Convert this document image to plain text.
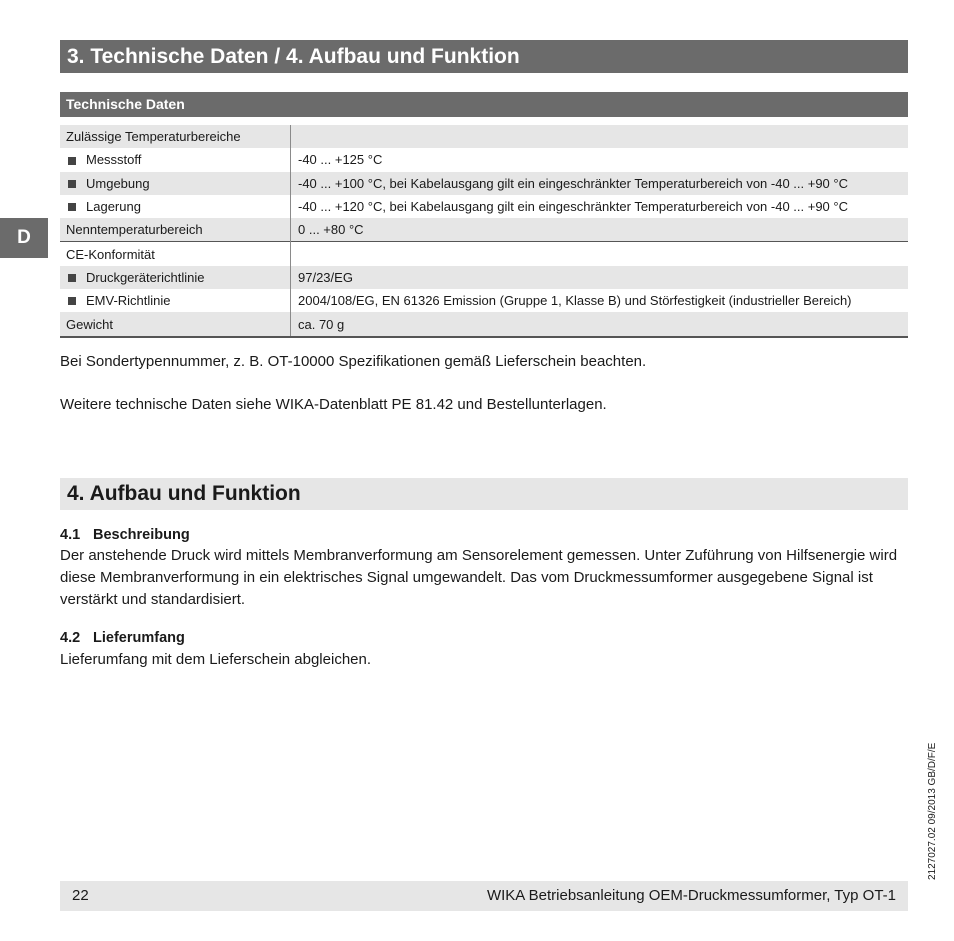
3. Technische Daten / 4. Aufbau und Funktion
D
Technische Daten
Zulässige Temperaturbereiche	
Messstoff	-40 ... +125 °C
Umgebung	-40 ... +100 °C, bei Kabelausgang gilt ein eingeschränkter Temperaturbereich von -40 ... +90 °C
Lagerung	-40 ... +120 °C, bei Kabelausgang gilt ein eingeschränkter Temperaturbereich von -40 ... +90 °C
Nenntemperaturbereich	0 ... +80 °C
CE-Konformität	
Druckgeräterichtlinie	97/23/EG
EMV-Richtlinie	2004/108/EG, EN 61326 Emission (Gruppe 1, Klasse B) und Störfestigkeit (industrieller Bereich)
Gewicht	ca. 70 g
Bei Sondertypennummer, z. B. OT-10000 Spezifikationen gemäß Lieferschein beachten.
Weitere technische Daten siehe WIKA-Datenblatt PE 81.42 und Bestellunterlagen.
4. Aufbau und Funktion
4.1 Beschreibung
Der anstehende Druck wird mittels Membranverformung am Sensorelement gemessen. Unter Zuführung von Hilfsenergie wird diese Membranverformung in ein elektrisches Signal umgewandelt. Das vom Druckmessumformer ausgegebene Signal ist verstärkt und standardisiert.
4.2 Lieferumfang
Lieferumfang mit dem Lieferschein abgleichen.
2127027.02 09/2013 GB/D/F/E
22	WIKA Betriebsanleitung OEM-Druckmessumformer, Typ OT-1
